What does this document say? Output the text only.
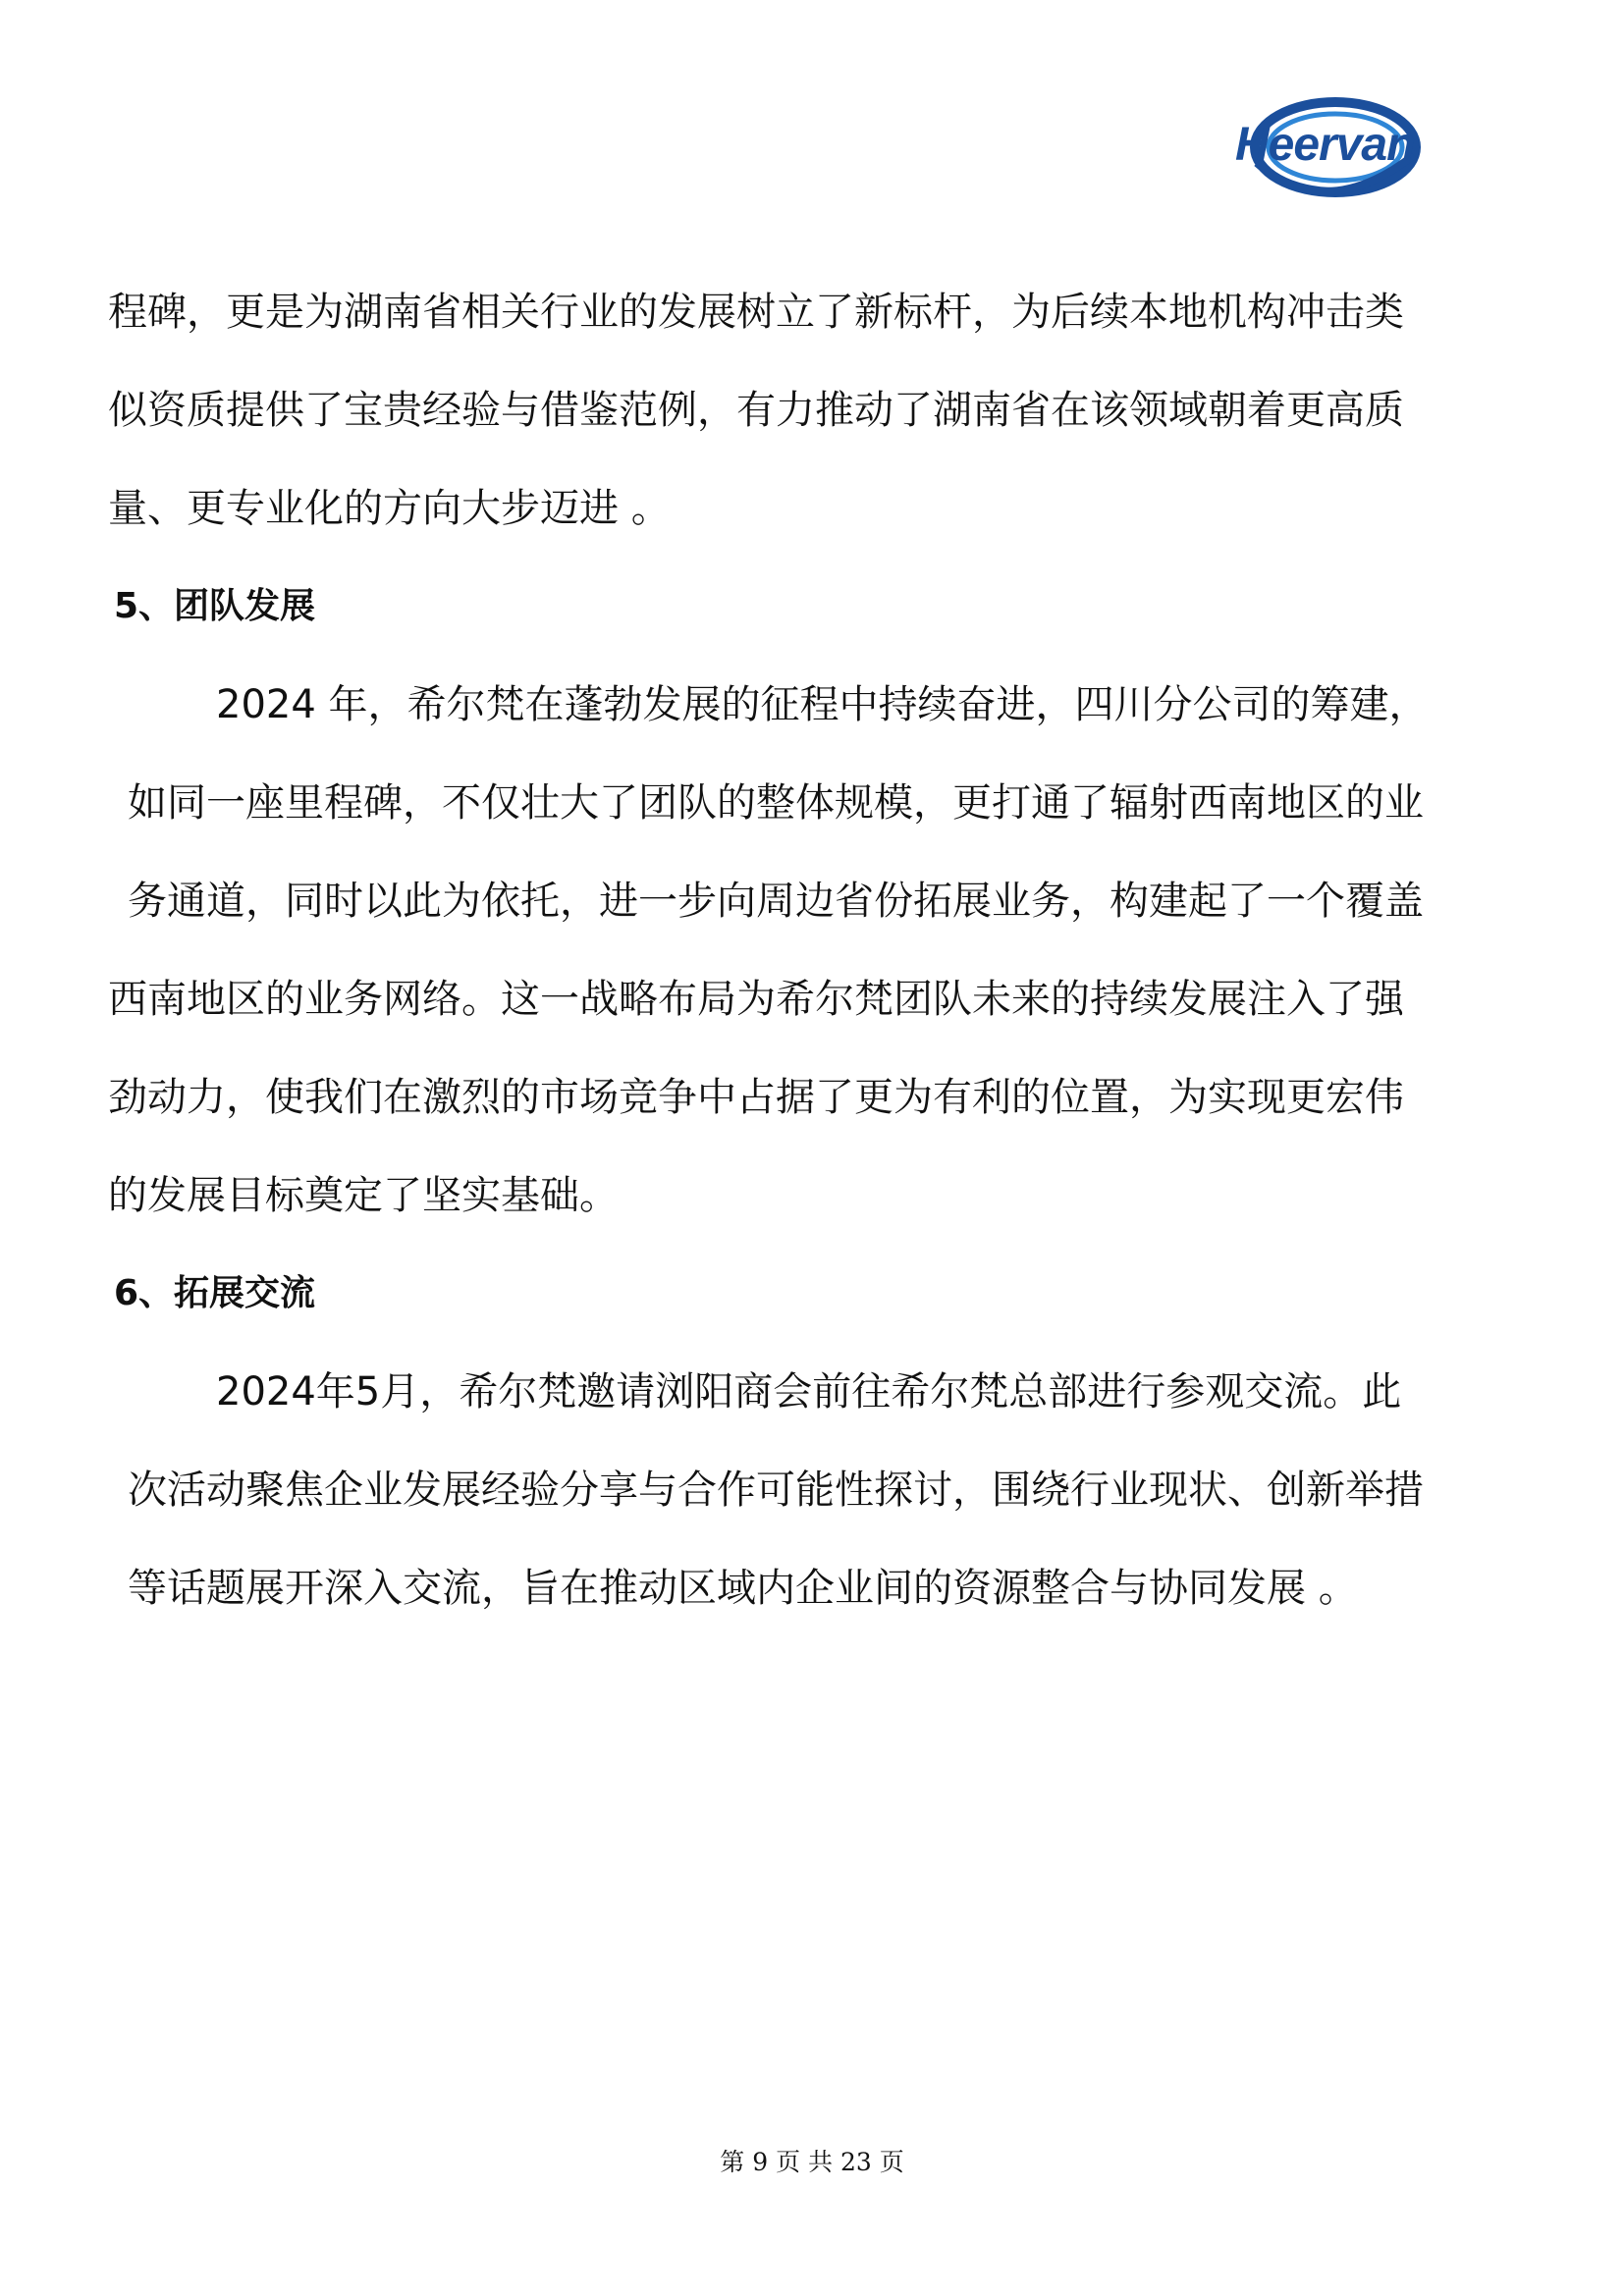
Heervan

程碑，更是为湖南省相关行业的发展树立了新标杆，为后续本地机构冲击类

似资质提供了宝贵经验与借鉴范例，有力推动了湖南省在该领域朝着更高质

量、更专业化的方向大步迈进 。

5、团队发展

2024 年，希尔梵在蓬勃发展的征程中持续奋进，四川分公司的筹建，

如同一座里程碑，不仅壮大了团队的整体规模，更打通了辐射西南地区的业

务通道，同时以此为依托，进一步向周边省份拓展业务，构建起了一个覆盖

西南地区的业务网络。这一战略布局为希尔梵团队未来的持续发展注入了强

劲动力，使我们在激烈的市场竞争中占据了更为有利的位置，为实现更宏伟

的发展目标奠定了坚实基础。

6、拓展交流

2024年5月，希尔梵邀请浏阳商会前往希尔梵总部进行参观交流。此

次活动聚焦企业发展经验分享与合作可能性探讨，围绕行业现状、创新举措

等话题展开深入交流，旨在推动区域内企业间的资源整合与协同发展 。

第 9 页 共 23 页
